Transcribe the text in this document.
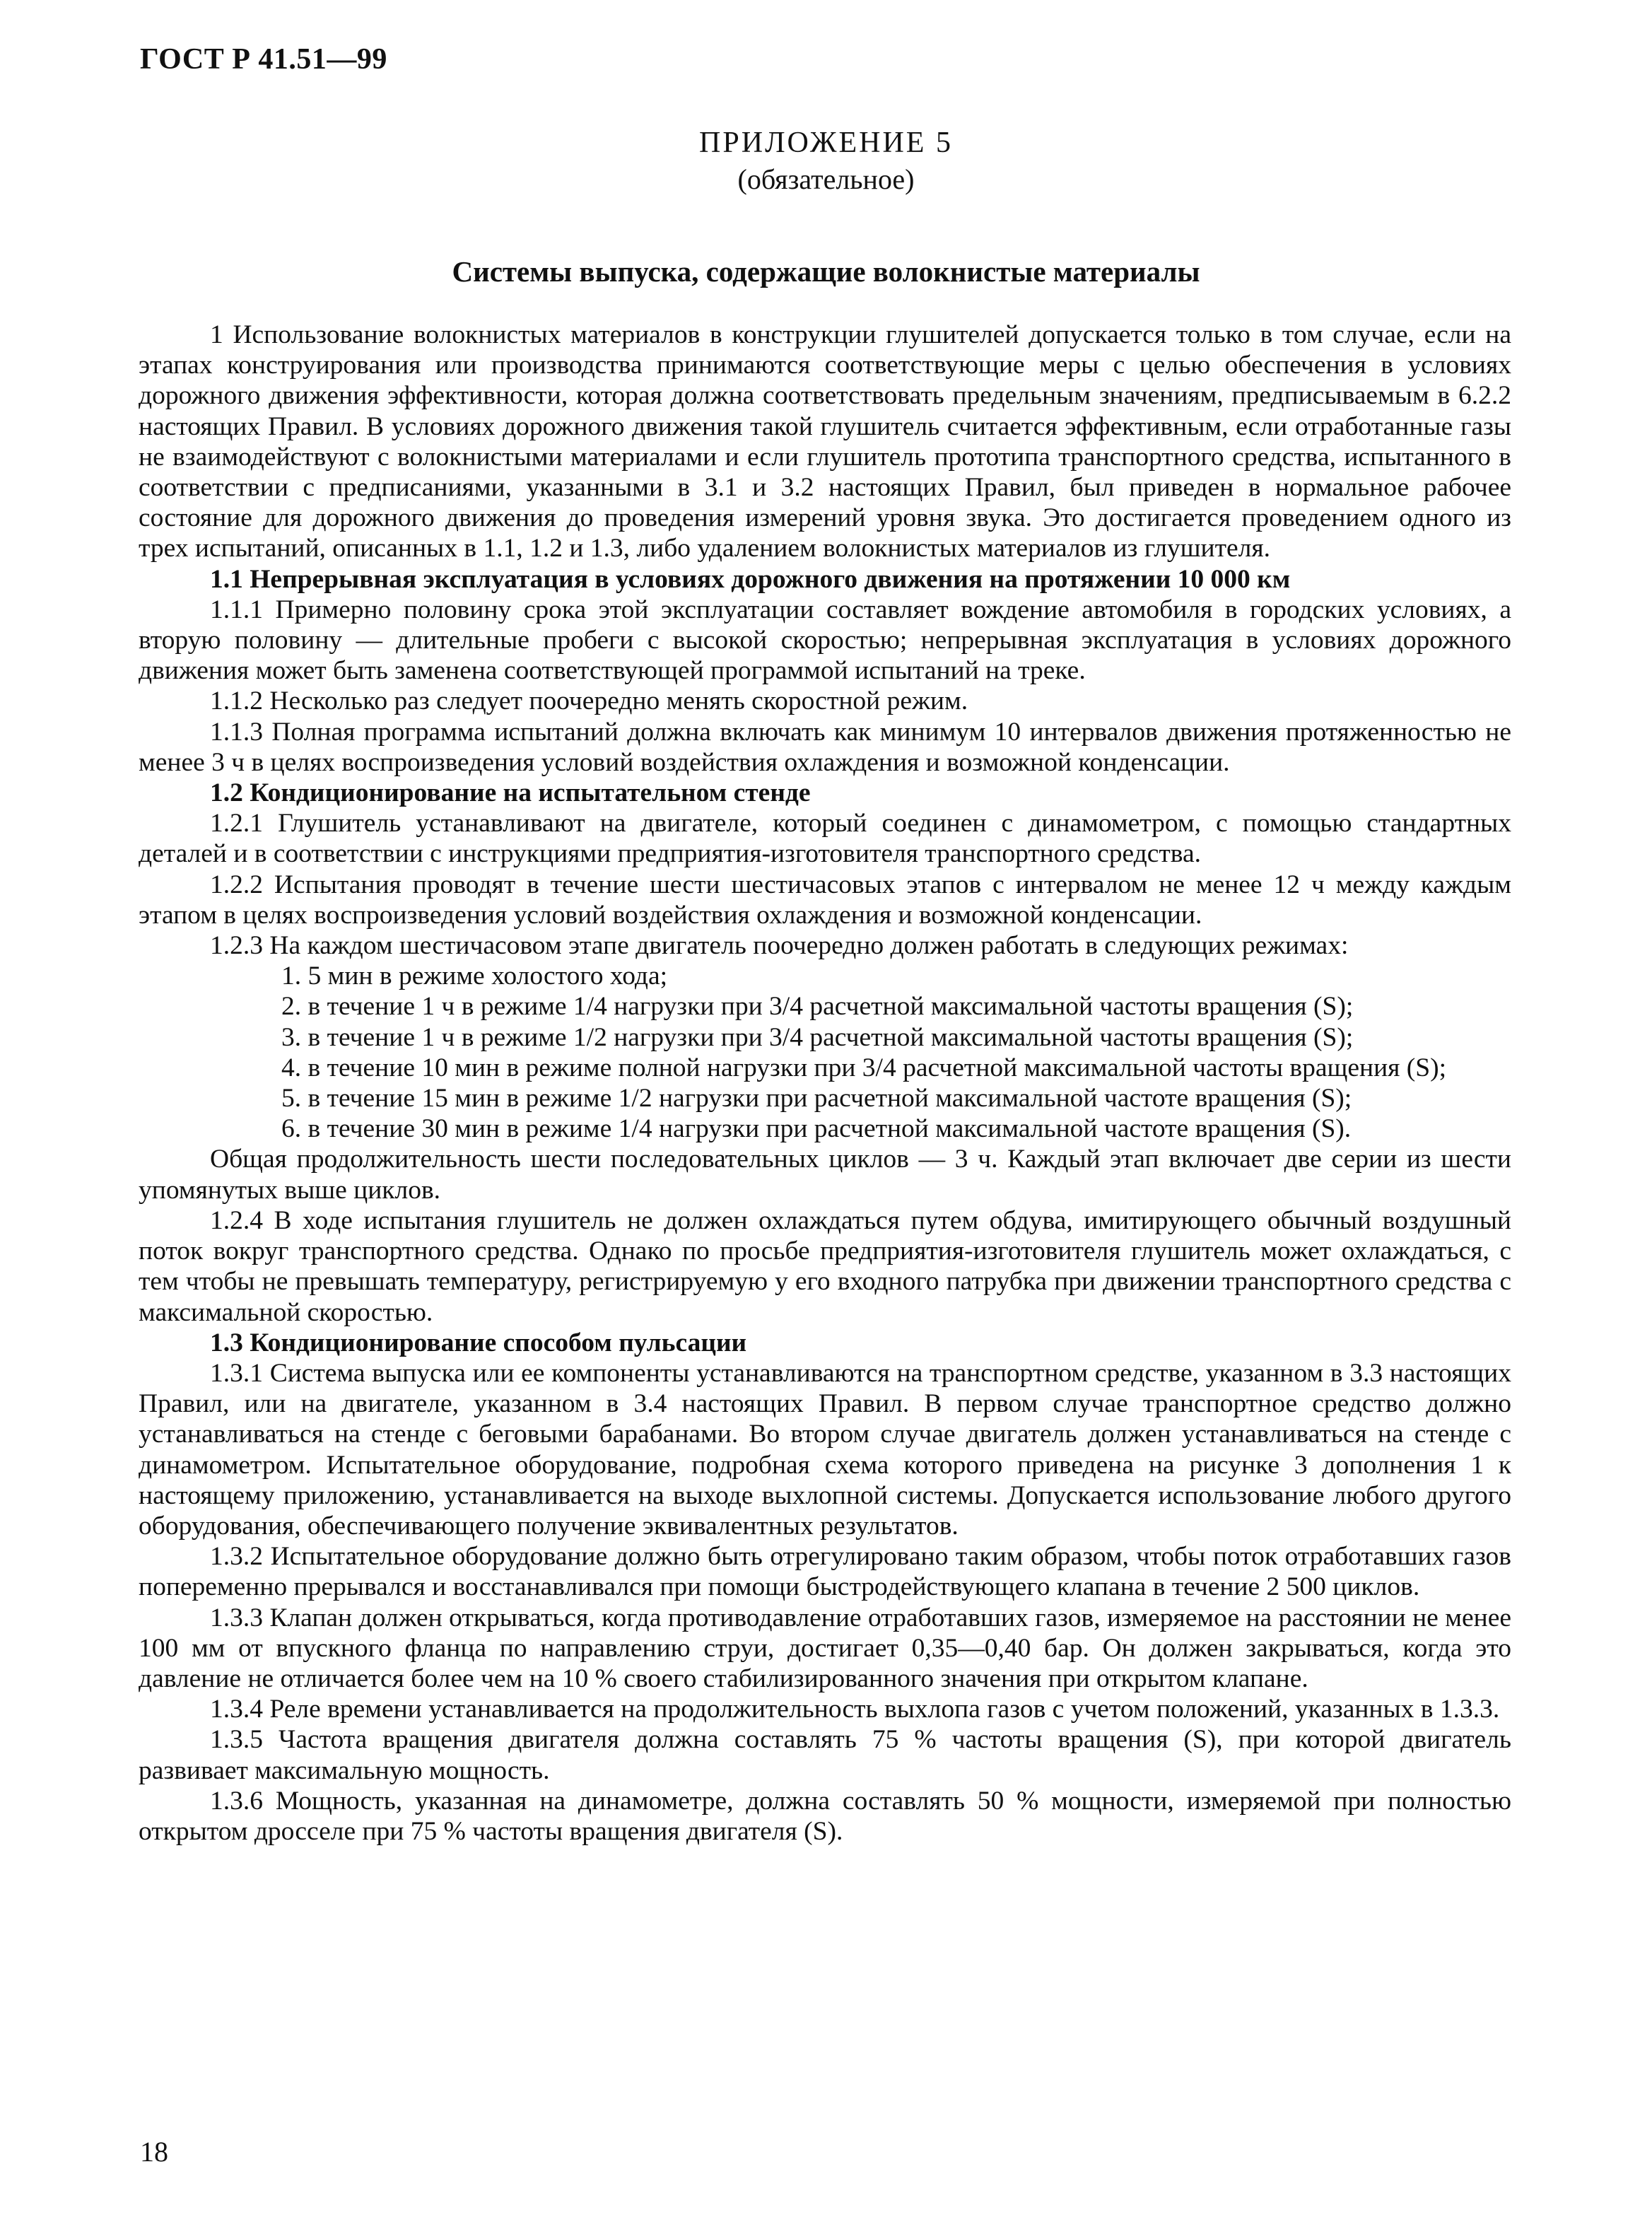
ГОСТ Р 41.51—99
ПРИЛОЖЕНИЕ 5
(обязательное)
Системы выпуска, содержащие волокнистые материалы

1 Использование волокнистых материалов в конструкции глушителей допускается только в том случае, если на этапах конструирования или производства принимаются соответствующие меры с целью обеспечения в условиях дорожного движения эффективности, которая должна соответствовать предельным значениям, предписываемым в 6.2.2 настоящих Правил. В условиях дорожного движения такой глушитель считается эффективным, если отработанные газы не взаимодействуют с волокнистыми материалами и если глушитель прототипа транспортного средства, испытанного в соответствии с предписаниями, указанными в 3.1 и 3.2 настоящих Правил, был приведен в нормальное рабочее состояние для дорожного движения до проведения измерений уровня звука. Это достигается проведением одного из трех испытаний, описанных в 1.1, 1.2 и 1.3, либо удалением волокнистых материалов из глушителя.

1.1 Непрерывная эксплуатация в условиях дорожного движения на протяжении 10 000 км

1.1.1 Примерно половину срока этой эксплуатации составляет вождение автомобиля в городских условиях, а вторую половину — длительные пробеги с высокой скоростью; непрерывная эксплуатация в условиях дорожного движения может быть заменена соответствующей программой испытаний на треке.

1.1.2 Несколько раз следует поочередно менять скоростной режим.

1.1.3 Полная программа испытаний должна включать как минимум 10 интервалов движения протяженностью не менее 3 ч в целях воспроизведения условий воздействия охлаждения и возможной конденсации.

1.2 Кондиционирование на испытательном стенде

1.2.1 Глушитель устанавливают на двигателе, который соединен с динамометром, с помощью стандартных деталей и в соответствии с инструкциями предприятия-изготовителя транспортного средства.

1.2.2 Испытания проводят в течение шести шестичасовых этапов с интервалом не менее 12 ч между каждым этапом в целях воспроизведения условий воздействия охлаждения и возможной конденсации.

1.2.3 На каждом шестичасовом этапе двигатель поочередно должен работать в следующих режимах:

1. 5 мин в режиме холостого хода;

2. в течение 1 ч в режиме 1/4 нагрузки при 3/4 расчетной максимальной частоты вращения (S);

3. в течение 1 ч в режиме 1/2 нагрузки при 3/4 расчетной максимальной частоты вращения (S);

4. в течение 10 мин в режиме полной нагрузки при 3/4 расчетной максимальной частоты вращения (S);

5. в течение 15 мин в режиме 1/2 нагрузки при расчетной максимальной частоте вращения (S);

6. в течение 30 мин в режиме 1/4 нагрузки при расчетной максимальной частоте вращения (S).

Общая продолжительность шести последовательных циклов — 3 ч. Каждый этап включает две серии из шести упомянутых выше циклов.

1.2.4 В ходе испытания глушитель не должен охлаждаться путем обдува, имитирующего обычный воздушный поток вокруг транспортного средства. Однако по просьбе предприятия-изготовителя глушитель может охлаждаться, с тем чтобы не превышать температуру, регистрируемую у его входного патрубка при движении транспортного средства с максимальной скоростью.

1.3 Кондиционирование способом пульсации

1.3.1 Система выпуска или ее компоненты устанавливаются на транспортном средстве, указанном в 3.3 настоящих Правил, или на двигателе, указанном в 3.4 настоящих Правил. В первом случае транспортное средство должно устанавливаться на стенде с беговыми барабанами. Во втором случае двигатель должен устанавливаться на стенде с динамометром. Испытательное оборудование, подробная схема которого приведена на рисунке 3 дополнения 1 к настоящему приложению, устанавливается на выходе выхлопной системы. Допускается использование любого другого оборудования, обеспечивающего получение эквивалентных результатов.

1.3.2 Испытательное оборудование должно быть отрегулировано таким образом, чтобы поток отработавших газов попеременно прерывался и восстанавливался при помощи быстродействующего клапана в течение 2 500 циклов.

1.3.3 Клапан должен открываться, когда противодавление отработавших газов, измеряемое на расстоянии не менее 100 мм от впускного фланца по направлению струи, достигает 0,35—0,40 бар. Он должен закрываться, когда это давление не отличается более чем на 10 % своего стабилизированного значения при открытом клапане.

1.3.4 Реле времени устанавливается на продолжительность выхлопа газов с учетом положений, указанных в 1.3.3.

1.3.5 Частота вращения двигателя должна составлять 75 % частоты вращения (S), при которой двигатель развивает максимальную мощность.

1.3.6 Мощность, указанная на динамометре, должна составлять 50 % мощности, измеряемой при полностью открытом дросселе при 75 % частоты вращения двигателя (S).

18
